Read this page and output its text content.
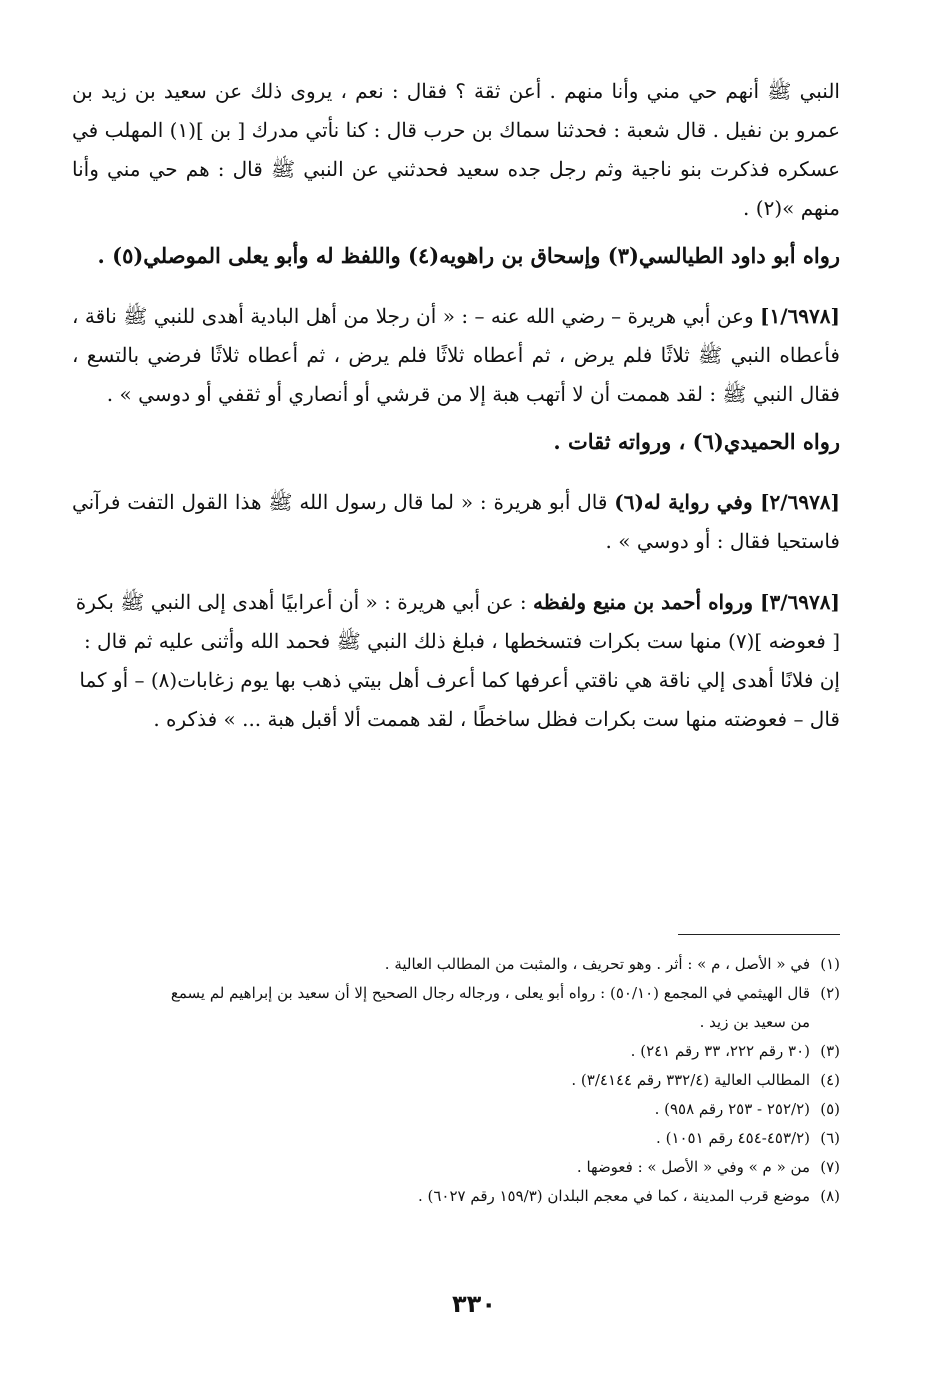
النبي ﷺ أنهم حي مني وأنا منهم . أعن ثقة ؟ فقال : نعم ، يروى ذلك عن سعيد بن زيد بن عمرو بن نفيل . قال شعبة : فحدثنا سماك بن حرب قال : كنا نأتي مدرك [ بن ](١) المهلب في عسكره فذكرت بنو ناجية وثم رجل جده سعيد فحدثني عن النبي ﷺ قال : هم حي مني وأنا منهم »(٢) .

رواه أبو داود الطيالسي(٣) وإسحاق بن راهويه(٤) واللفظ له وأبو يعلى الموصلي(٥) .

[١/٦٩٧٨] وعن أبي هريرة – رضي الله عنه – : « أن رجلا من أهل البادية أهدى للنبي ﷺ ناقة ، فأعطاه النبي ﷺ ثلاثًا فلم يرض ، ثم أعطاه ثلاثًا فلم يرض ، ثم أعطاه ثلاثًا فرضي بالتسع ، فقال النبي ﷺ : لقد هممت أن لا أتهب هبة إلا من قرشي أو أنصاري أو ثقفي أو دوسي » .

رواه الحميدي(٦) ، ورواته ثقات .

[٢/٦٩٧٨] وفي رواية له(٦) قال أبو هريرة : « لما قال رسول الله ﷺ هذا القول التفت فرآني فاستحيا فقال : أو دوسي » .

[٣/٦٩٧٨] ورواه أحمد بن منيع ولفظه : عن أبي هريرة : « أن أعرابيًا أهدى إلى النبي ﷺ بكرة [ فعوضه ](٧) منها ست بكرات فتسخطها ، فبلغ ذلك النبي ﷺ فحمد الله وأثنى عليه ثم قال : إن فلانًا أهدى إلي ناقة هي ناقتي أعرفها كما أعرف أهل بيتي ذهب بها يوم زغابات(٨) – أو كما قال – فعوضته منها ست بكرات فظل ساخطًا ، لقد هممت ألا أقبل هبة ... » فذكره .

(١)في « الأصل ، م » : أثر . وهو تحريف ، والمثبت من المطالب العالية .
(٢)قال الهيثمي في المجمع (٥٠/١٠) : رواه أبو يعلى ، ورجاله رجال الصحيح إلا أن سعيد بن إبراهيم لم يسمع
من سعيد بن زيد .
(٣)(٣٠ رقم ٢٢٢، ٣٣ رقم ٢٤١) .
(٤)المطالب العالية (٣٣٢/٤ رقم ٣/٤١٤٤) .
(٥)(٢٥٢/٢ - ٢٥٣ رقم ٩٥٨) .
(٦)(٤٥٣/٢-٤٥٤ رقم ١٠٥١) .
(٧)من « م » وفي « الأصل » : فعوضها .
(٨)موضع قرب المدينة ، كما في معجم البلدان (١٥٩/٣ رقم ٦٠٢٧) .
٣٣٠
